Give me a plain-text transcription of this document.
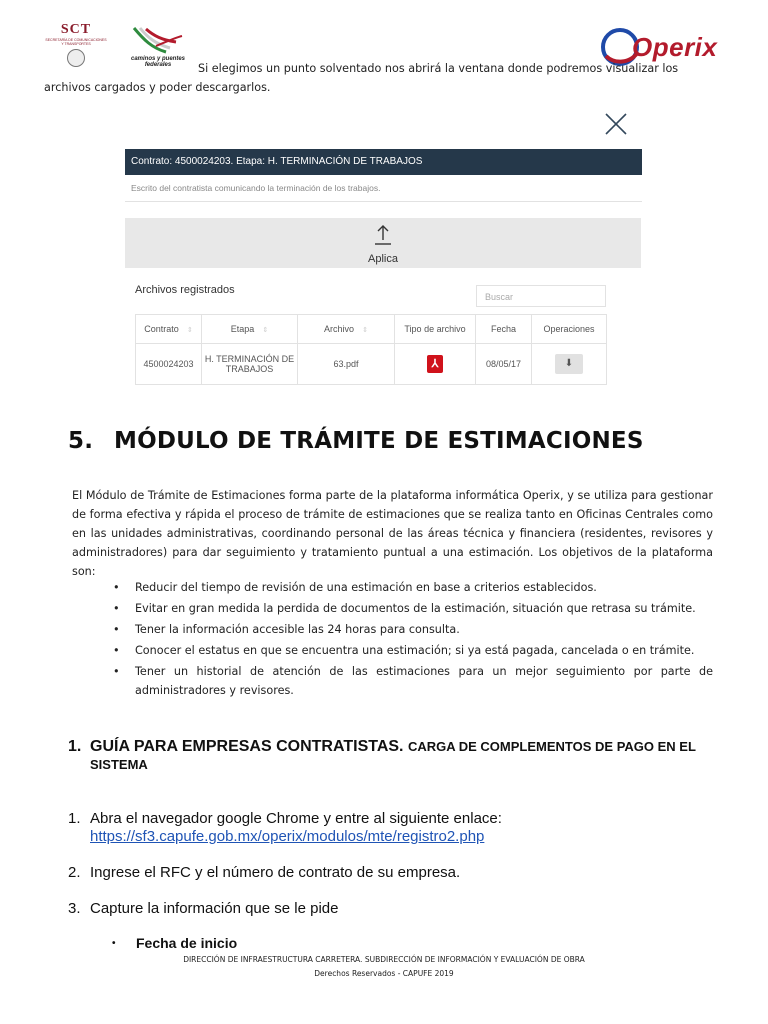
SCT
SECRETARÍA DE COMUNICACIONES Y TRANSPORTES
caminos y puentes federales
Operix
Si elegimos un punto solventado nos abrirá la ventana donde podremos visualizar los
archivos cargados y poder descargarlos.
Contrato: 4500024203. Etapa: H. TERMINACIÓN DE TRABAJOS
Escrito del contratista comunicando la terminación de los trabajos.
Aplica
Archivos registrados
Buscar
Contrato ⇕	Etapa ⇕	Archivo ⇕	Tipo de archivo	Fecha	Operaciones
4500024203	H. TERMINACIÓN DE TRABAJOS	63.pdf	⅄	08/05/17	⬇
5. MÓDULO DE TRÁMITE DE ESTIMACIONES
El Módulo de Trámite de Estimaciones forma parte de la plataforma informática Operix, y se utiliza para gestionar de forma efectiva y rápida el proceso de trámite de estimaciones que se realiza tanto en Oficinas Centrales como en las unidades administrativas, coordinando personal de las áreas técnica y financiera (residentes, revisores y administradores) para dar seguimiento y tratamiento puntual a una estimación. Los objetivos de la plataforma son:
• Reducir del tiempo de revisión de una estimación en base a criterios establecidos.
• Evitar en gran medida la perdida de documentos de la estimación, situación que retrasa su trámite.
• Tener la información accesible las 24 horas para consulta.
• Conocer el estatus en que se encuentra una estimación; si ya está pagada, cancelada o en trámite.
• Tener un historial de atención de las estimaciones para un mejor seguimiento por parte de administradores y revisores.
1. GUÍA PARA EMPRESAS CONTRATISTAS. CARGA DE COMPLEMENTOS DE PAGO EN EL SISTEMA
1. Abra el navegador google Chrome y entre al siguiente enlace:
https://sf3.capufe.gob.mx/operix/modulos/mte/registro2.php
2. Ingrese el RFC y el número de contrato de su empresa.
3. Capture la información que se le pide
• Fecha de inicio
DIRECCIÓN DE INFRAESTRUCTURA CARRETERA. SUBDIRECCIÓN DE INFORMACIÓN Y EVALUACIÓN DE OBRA
Derechos Reservados - CAPUFE 2019
